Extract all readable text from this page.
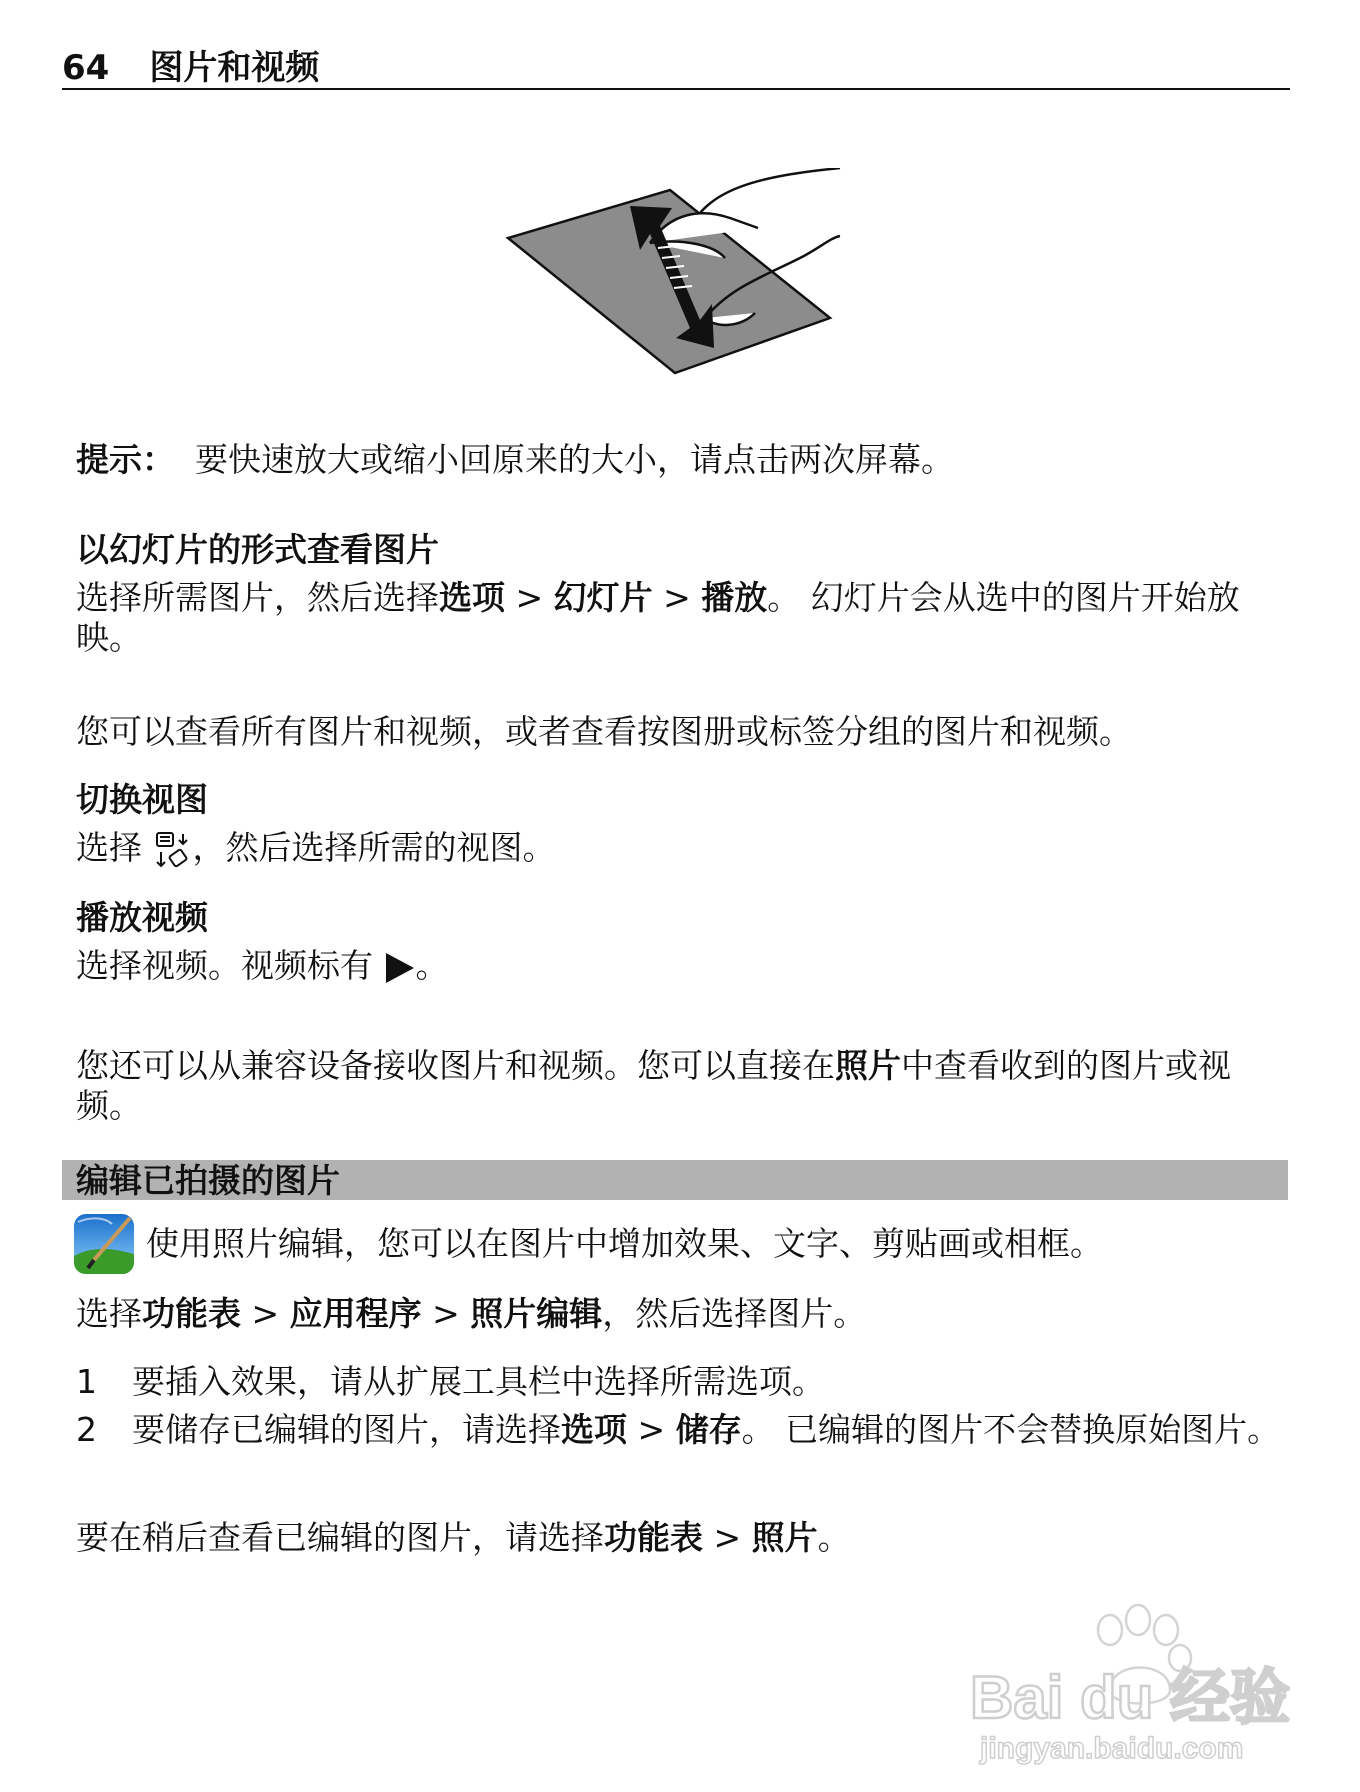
64 图片和视频
提示： 要快速放大或缩小回原来的大小，请点击两次屏幕。
以幻灯片的形式查看图片
选择所需图片，然后选择选项 > 幻灯片 > 播放。 幻灯片会从选中的图片开始放映。
您可以查看所有图片和视频，或者查看按图册或标签分组的图片和视频。
切换视图
选择 ，然后选择所需的视图。
播放视频
选择视频。视频标有 。
您还可以从兼容设备接收图片和视频。您可以直接在照片中查看收到的图片或视频。
编辑已拍摄的图片
使用照片编辑，您可以在图片中增加效果、文字、剪贴画或相框。
选择功能表 > 应用程序 > 照片编辑，然后选择图片。
1	要插入效果，请从扩展工具栏中选择所需选项。
2	要储存已编辑的图片，请选择选项 > 储存。 已编辑的图片不会替换原始图片。
要在稍后查看已编辑的图片，请选择功能表 > 照片。
Bai du 经验
jingyan.baidu.com
